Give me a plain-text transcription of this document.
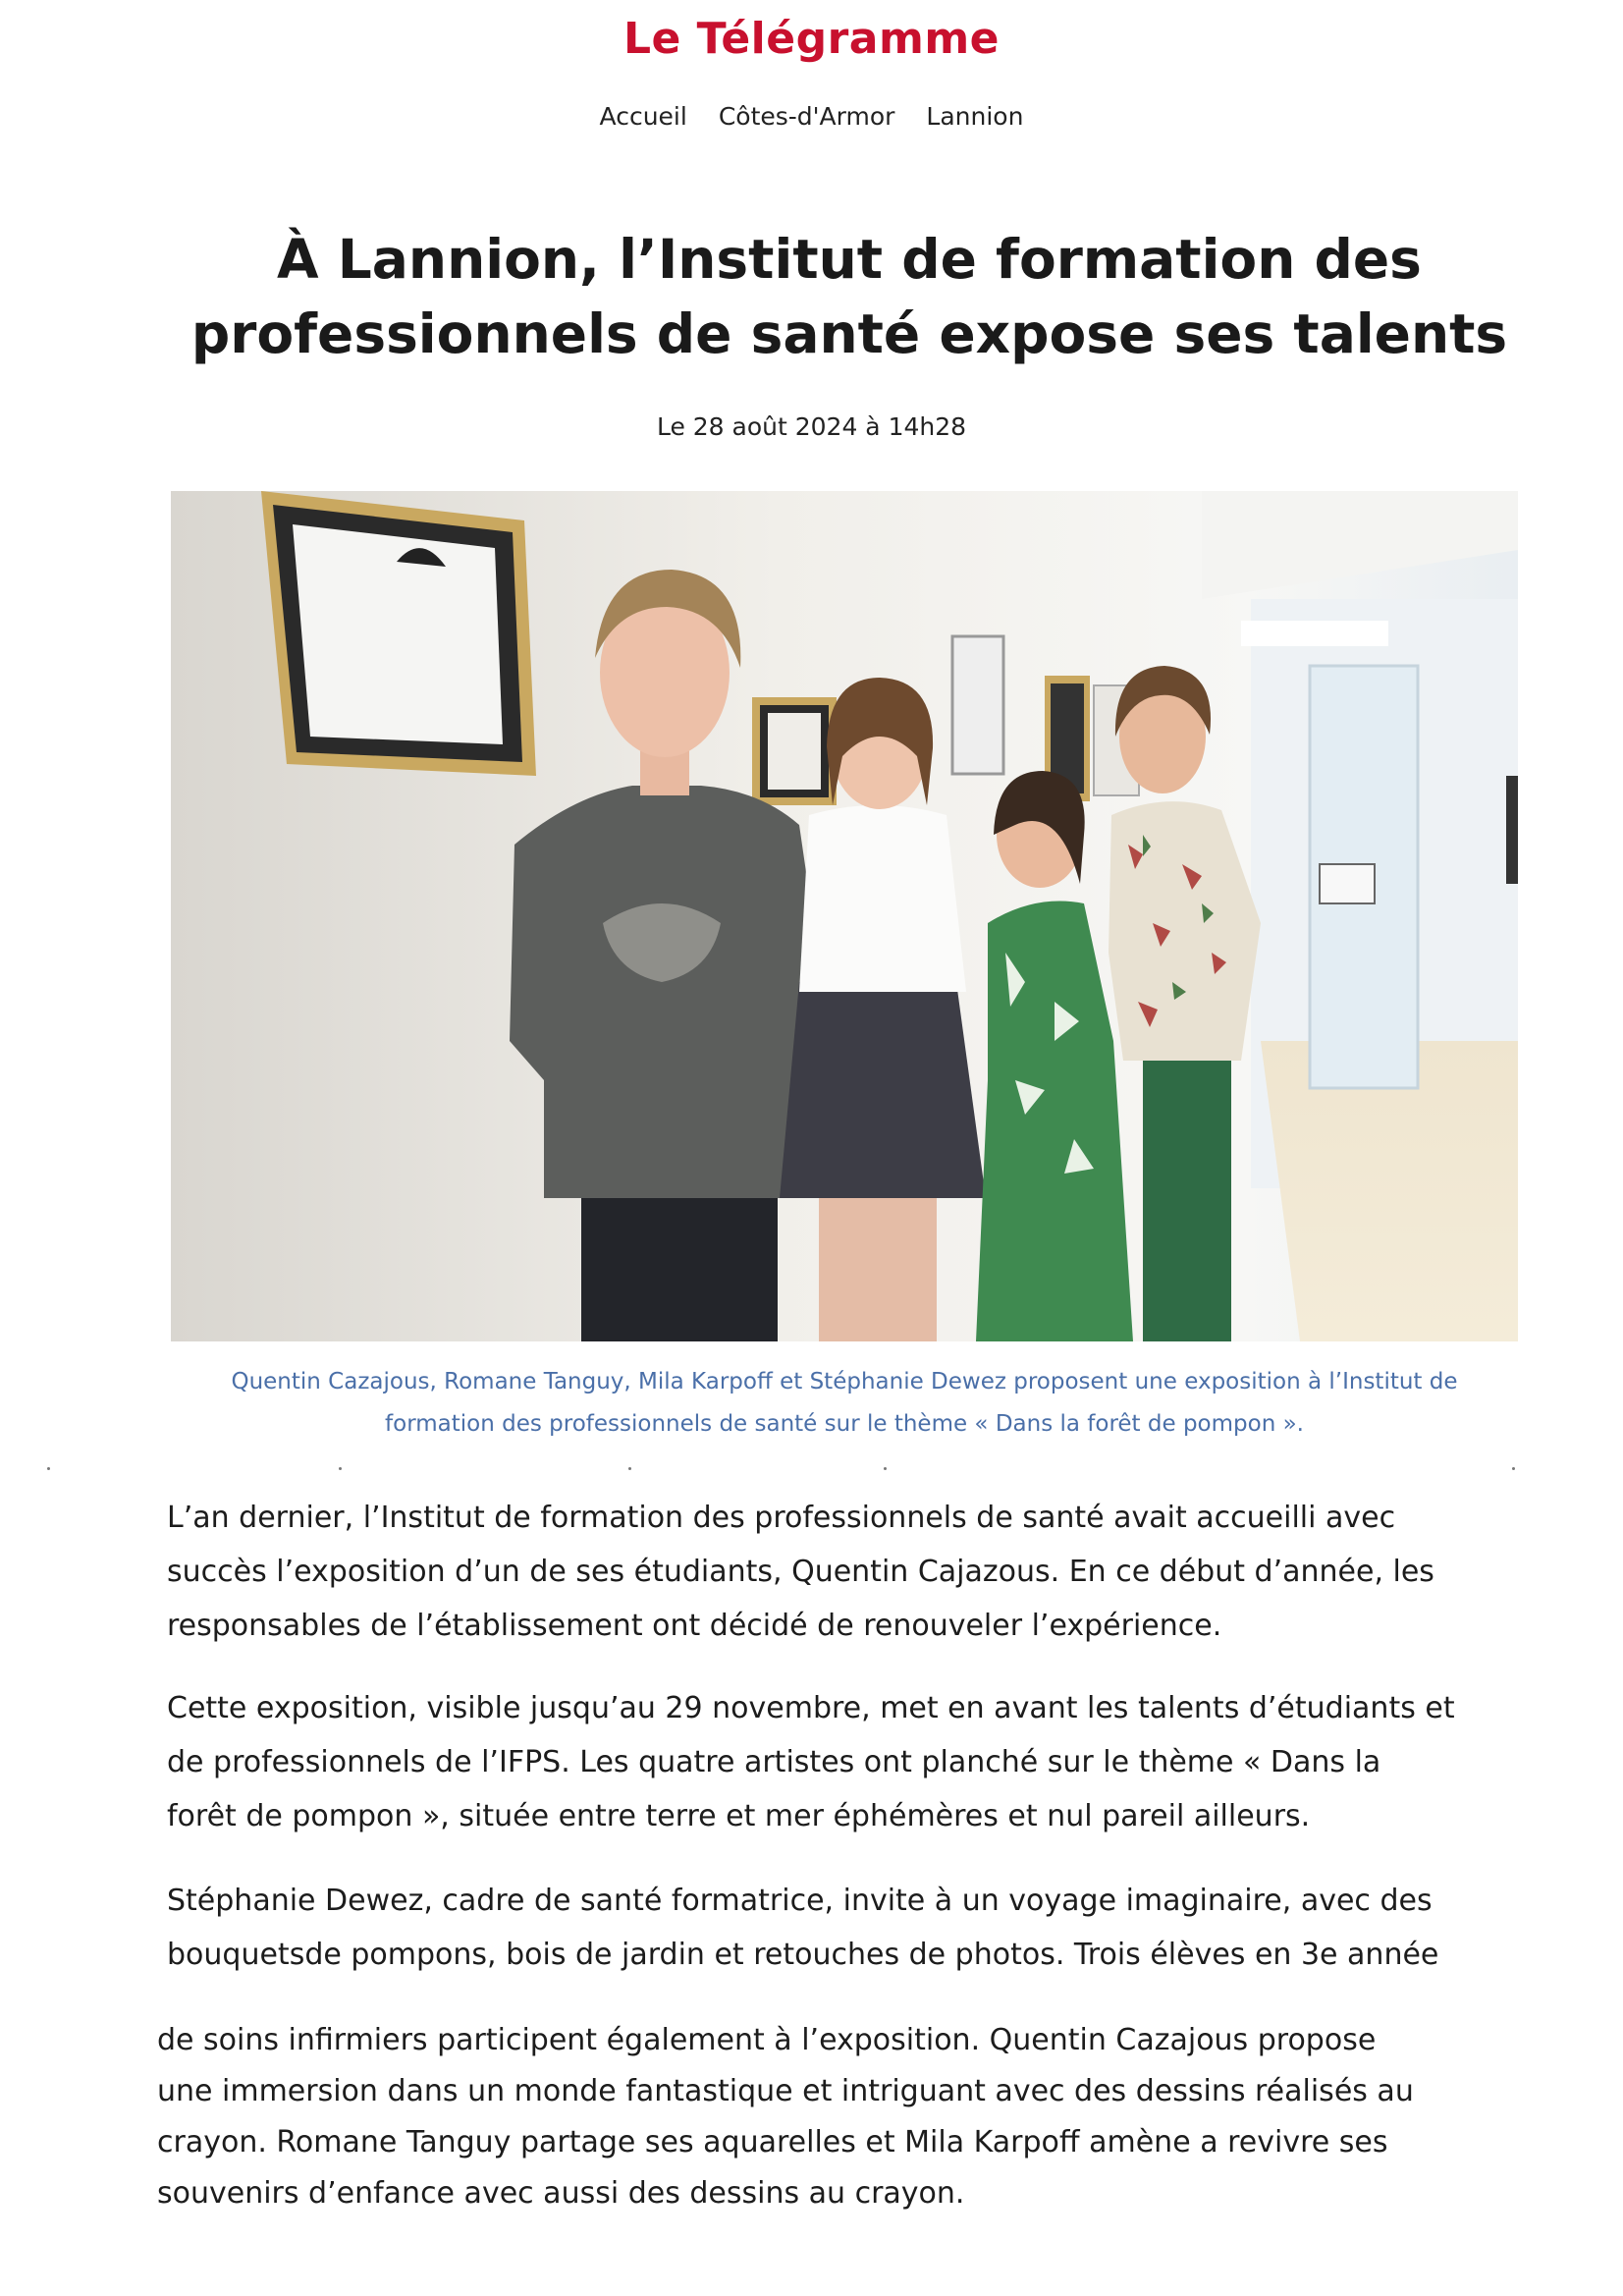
Le Télégramme
Accueil Côtes-d'Armor Lannion
À Lannion, l’Institut de formation des
professionnels de santé expose ses talents
Le 28 août 2024 à 14h28
Quentin Cazajous, Romane Tanguy, Mila Karpoff et Stéphanie Dewez proposent une exposition à l’Institut de
formation des professionnels de santé sur le thème « Dans la forêt de pompon ».

L’an dernier, l’Institut de formation des professionnels de santé avait accueilli avec
succès l’exposition d’un de ses étudiants, Quentin Cajazous. En ce début d’année, les
responsables de l’établissement ont décidé de renouveler l’expérience.

Cette exposition, visible jusqu’au 29 novembre, met en avant les talents d’étudiants et
de professionnels de l’IFPS. Les quatre artistes ont planché sur le thème « Dans la
forêt de pompon », située entre terre et mer éphémères et nul pareil ailleurs.

Stéphanie Dewez, cadre de santé formatrice, invite à un voyage imaginaire, avec des
bouquetsde pompons, bois de jardin et retouches de photos. Trois élèves en 3e année

de soins infirmiers participent également à l’exposition. Quentin Cazajous propose
une immersion dans un monde fantastique et intriguant avec des dessins réalisés au
crayon. Romane Tanguy partage ses aquarelles et Mila Karpoff amène a revivre ses
souvenirs d’enfance avec aussi des dessins au crayon.
